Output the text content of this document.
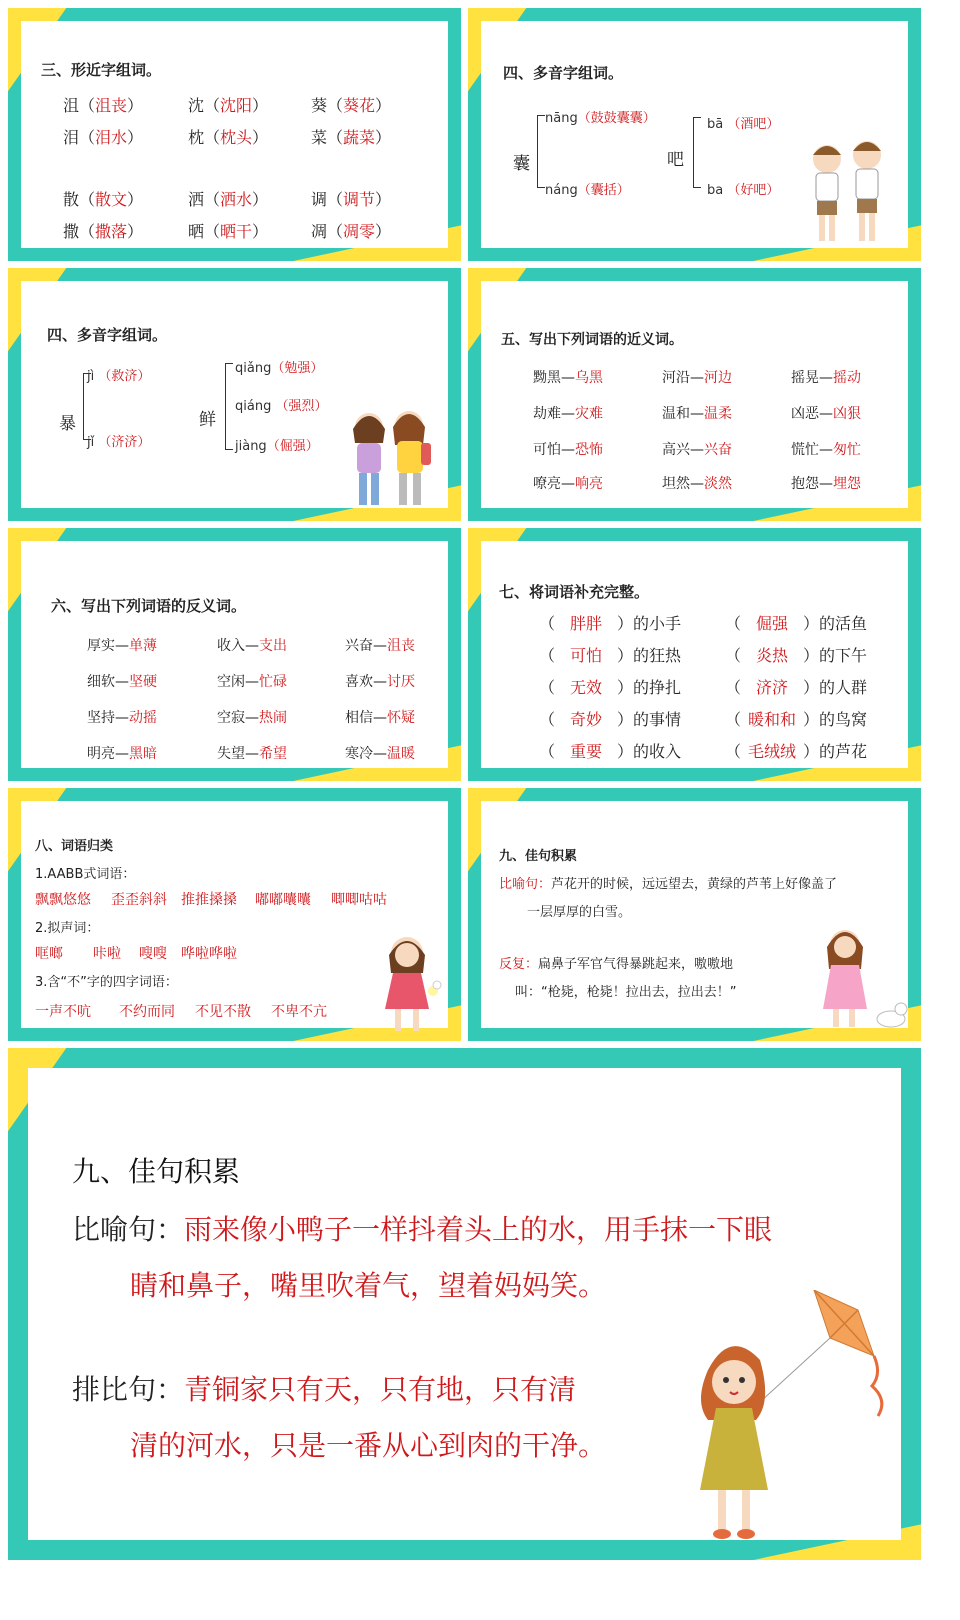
三、形近字组词。
沮（沮丧）	沈（沈阳）	葵（葵花）
泪（泪水）	枕（枕头）	菜（蔬菜）
散（散文）	洒（洒水）	调（调节）
撒（撒落）	晒（晒干）	凋（凋零）
四、多音字组词。
囊
nāng（鼓鼓囊囊）
náng（囊括）
吧
bā （酒吧）
ba （好吧）
四、多音字组词。
暴
jì （救济）
jǐ （济济）
鲜
qiǎng（勉强）
qiáng （强烈）
jiàng（倔强）
五、写出下列词语的近义词。
黝黑—乌黑	河沿—河边	摇晃—摇动
劫难—灾难	温和—温柔	凶恶—凶狠
可怕—恐怖	高兴—兴奋	慌忙—匆忙
嘹亮—响亮	坦然—淡然	抱怨—埋怨
六、写出下列词语的反义词。
厚实—单薄	收入—支出	兴奋—沮丧
细软—坚硬	空闲—忙碌	喜欢—讨厌
坚持—动摇	空寂—热闹	相信—怀疑
明亮—黑暗	失望—希望	寒冷—温暖
七、将词语补充完整。
（ 胖胖 ）的小手	（ 倔强 ）的活鱼
（ 可怕 ）的狂热	（ 炎热 ）的下午
（ 无效 ）的挣扎	（ 济济 ）的人群
（ 奇妙 ）的事情	（ 暖和和 ）的鸟窝
（ 重要 ）的收入	（ 毛绒绒 ）的芦花
八、词语归类
1.AABB式词语：
飘飘悠悠 歪歪斜斜 推推搡搡 嘟嘟囔囔 唧唧咕咕
2.拟声词：
哐啷 咔啦 嗖嗖 哗啦哗啦
3.含“不”字的四字词语：
一声不吭 不约而同 不见不散 不卑不亢
九、佳句积累
比喻句：芦花开的时候，远远望去，黄绿的芦苇上好像盖了
一层厚厚的白雪。
反复：扁鼻子军官气得暴跳起来，嗷嗷地
叫：“枪毙，枪毙！拉出去，拉出去！”
九、佳句积累
比喻句：雨来像小鸭子一样抖着头上的水，用手抹一下眼
睛和鼻子，嘴里吹着气，望着妈妈笑。
排比句：青铜家只有天，只有地，只有清
清的河水，只是一番从心到肉的干净。
